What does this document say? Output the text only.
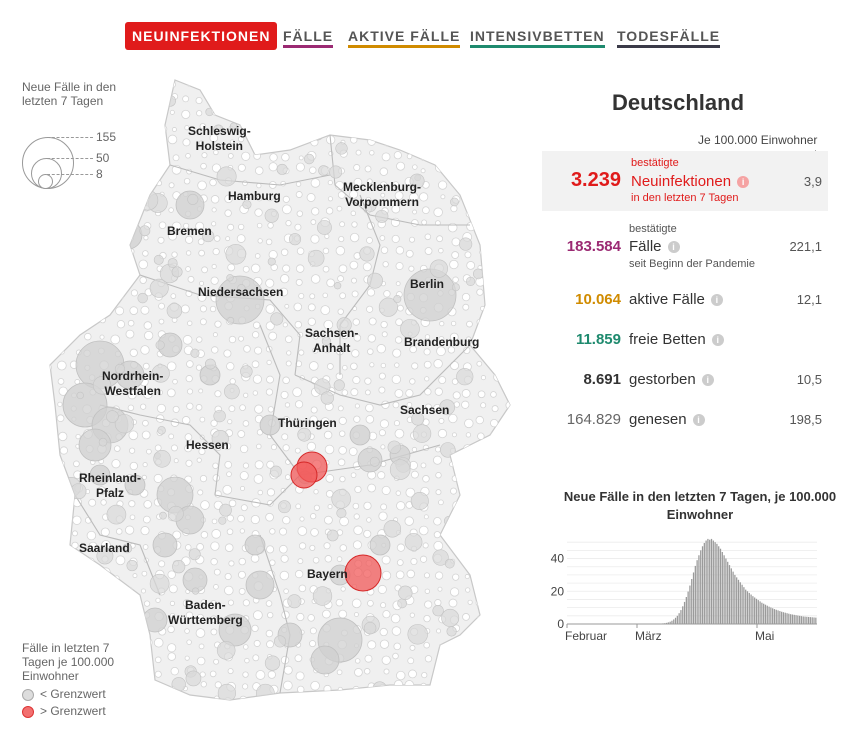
NEUINFEKTIONEN FÄLLE AKTIVE FÄLLE INTENSIVBETTEN TODESFÄLLE
Neue Fälle in den letzten 7 Tagen
155
50
8
Schleswig-
Holstein
Hamburg
Mecklenburg-
Vorpommern
Bremen
Niedersachsen
Berlin
Sachsen-
Anhalt	Brandenburg
Nordrhein-
Westfalen
Sachsen
Thüringen
Hessen
Rheinland-
Pfalz
Saarland
Bayern
Baden-
Württemberg
Fälle in letzten 7 Tagen je 100.000 Einwohner
< Grenzwert
> Grenzwert
Deutschland
Je 100.000 Einwohner
3.239
bestätigte
Neuinfektionen i
in den letzten 7 Tagen
3,9
183.584
bestätigte
Fälle i
seit Beginn der Pandemie
221,1
10.064 aktive Fälle i	12,1
11.859 freie Betten i
8.691 gestorben i	10,5
164.829 genesen i	198,5
Neue Fälle in den letzten 7 Tagen, je 100.000 Einwohner
0
20
40
Februar März	Mai
